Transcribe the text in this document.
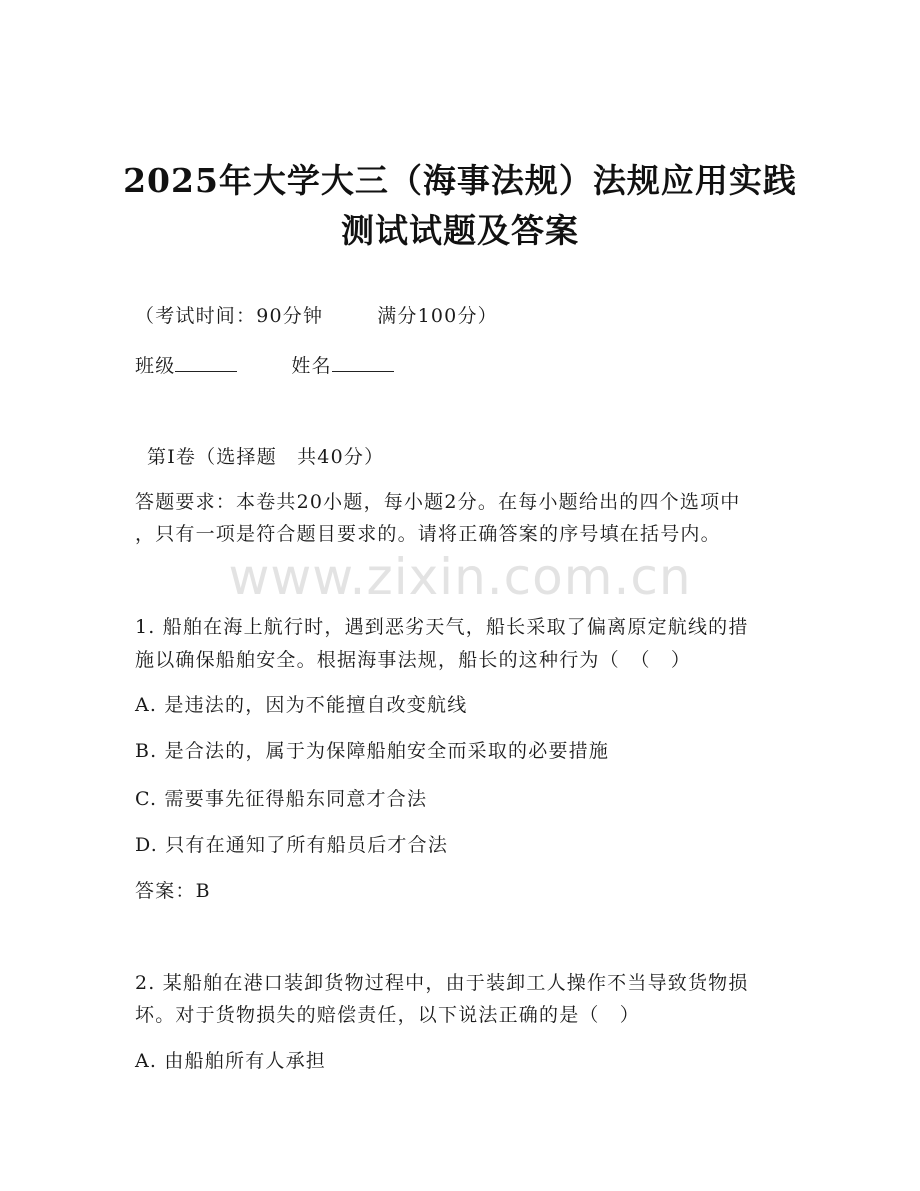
2025年大学大三（海事法规）法规应用实践
测试试题及答案
（考试时间：90分钟	满分100分）
班级	姓名
第Ⅰ卷（选择题　共40分）
答题要求：本卷共20小题，每小题2分。在每小题给出的四个选项中
，只有一项是符合题目要求的。请将正确答案的序号填在括号内。
www.zixin.com.cn
1. 船舶在海上航行时，遇到恶劣天气，船长采取了偏离原定航线的措
施以确保船舶安全。根据海事法规，船长的这种行为（　（　）
A. 是违法的，因为不能擅自改变航线
B. 是合法的，属于为保障船舶安全而采取的必要措施
C. 需要事先征得船东同意才合法
D. 只有在通知了所有船员后才合法
答案：B
2. 某船舶在港口装卸货物过程中，由于装卸工人操作不当导致货物损
坏。对于货物损失的赔偿责任，以下说法正确的是（　）
A. 由船舶所有人承担
